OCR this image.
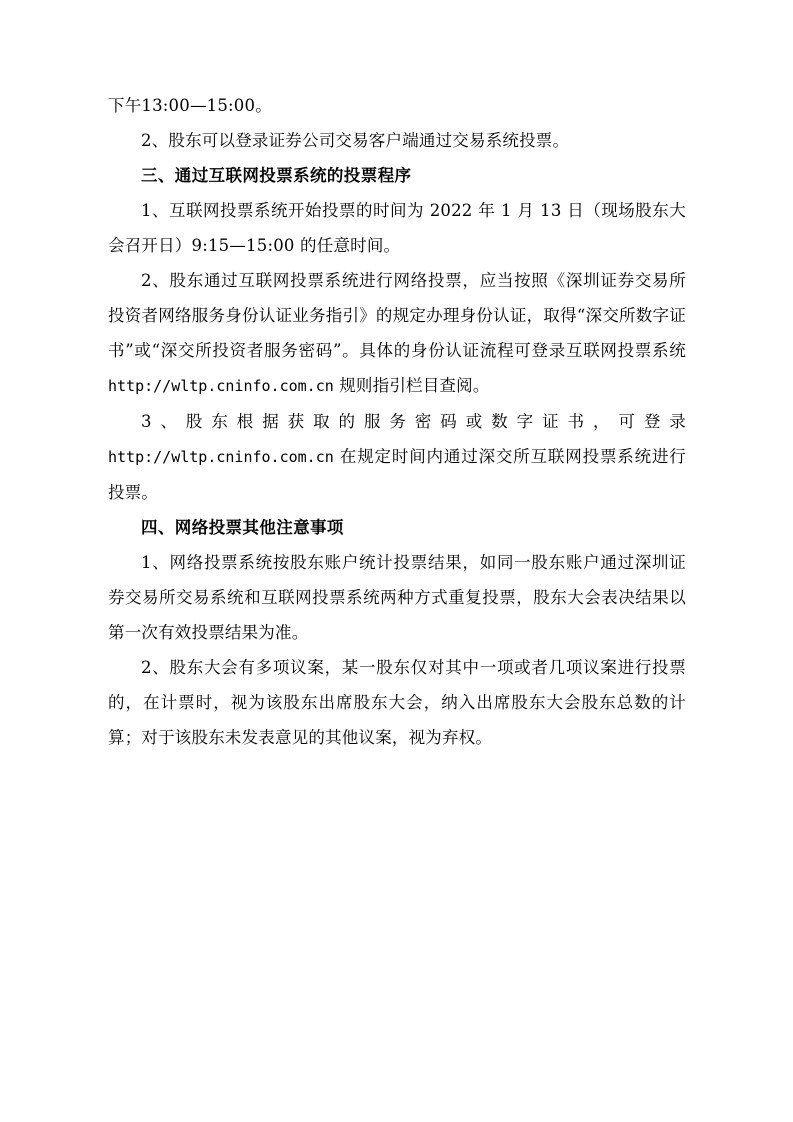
下午13:00—15:00。

2、股东可以登录证券公司交易客户端通过交易系统投票。

三、通过互联网投票系统的投票程序

1、互联网投票系统开始投票的时间为 2022 年 1 月 13 日（现场股东大会召开日）9:15—15:00 的任意时间。

2、股东通过互联网投票系统进行网络投票，应当按照《深圳证券交易所投资者网络服务身份认证业务指引》的规定办理身份认证，取得“深交所数字证书”或“深交所投资者服务密码”。具体的身份认证流程可登录互联网投票系统 http://wltp.cninfo.com.cn 规则指引栏目查阅。

3、股东根据获取的服务密码或数字证书，可登录 http://wltp.cninfo.com.cn 在规定时间内通过深交所互联网投票系统进行投票。

四、网络投票其他注意事项

1、网络投票系统按股东账户统计投票结果，如同一股东账户通过深圳证券交易所交易系统和互联网投票系统两种方式重复投票，股东大会表决结果以第一次有效投票结果为准。

2、股东大会有多项议案，某一股东仅对其中一项或者几项议案进行投票的，在计票时，视为该股东出席股东大会，纳入出席股东大会股东总数的计算；对于该股东未发表意见的其他议案，视为弃权。
